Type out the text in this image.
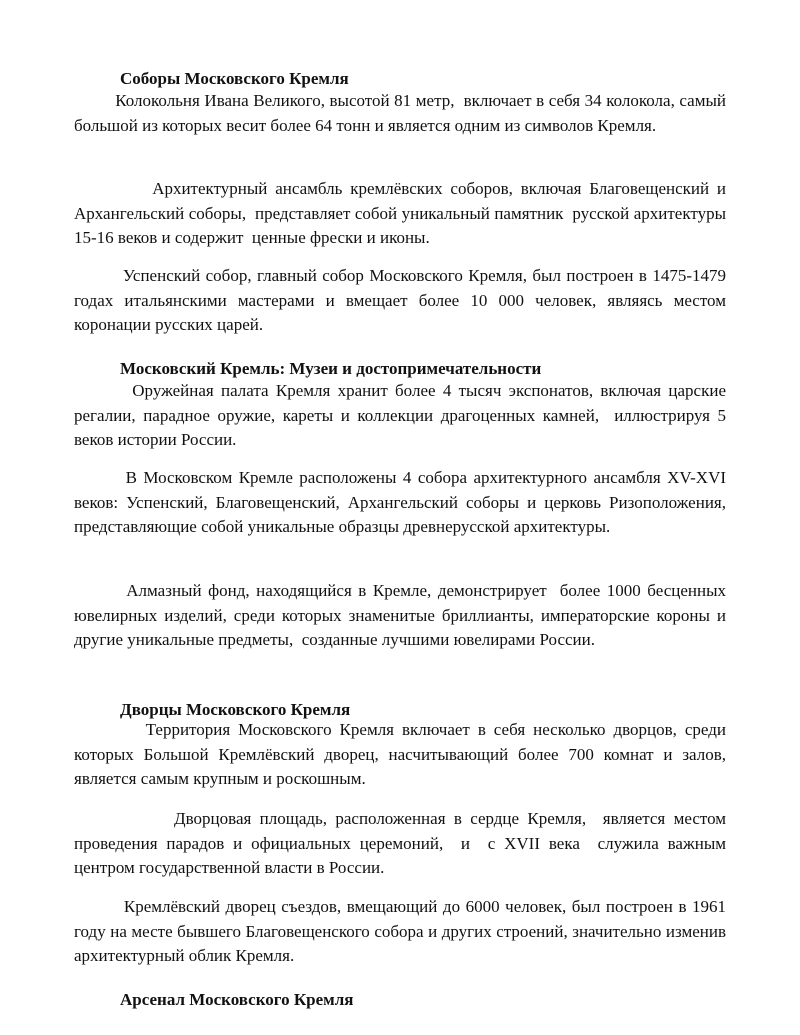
Соборы Московского Кремля

Колокольня Ивана Великого, высотой 81 метр,  включает в себя 34 колокола, самый большой из которых весит более 64 тонн и является одним из символов Кремля.

Архитектурный ансамбль кремлёвских соборов, включая Благовещенский и Архангельский соборы,  представляет собой уникальный памятник  русской архитектуры 15-16 веков и содержит  ценные фрески и иконы.

Успенский собор, главный собор Московского Кремля, был построен в 1475-1479 годах итальянскими мастерами и вмещает более 10 000 человек, являясь местом коронации русских царей.

Московский Кремль: Музеи и достопримечательности

Оружейная палата Кремля хранит более 4 тысяч экспонатов, включая царские регалии, парадное оружие, кареты и коллекции драгоценных камней,  иллюстрируя 5 веков истории России.

В Московском Кремле расположены 4 собора архитектурного ансамбля XV-XVI веков: Успенский, Благовещенский, Архангельский соборы и церковь Ризоположения, представляющие собой уникальные образцы древнерусской архитектуры.

Алмазный фонд, находящийся в Кремле, демонстрирует  более 1000 бесценных ювелирных изделий, среди которых знаменитые бриллианты, императорские короны и другие уникальные предметы,  созданные лучшими ювелирами России.

Дворцы Московского Кремля

Территория Московского Кремля включает в себя несколько дворцов, среди которых Большой Кремлёвский дворец, насчитывающий более 700 комнат и залов, является самым крупным и роскошным.

Дворцовая площадь, расположенная в сердце Кремля,  является местом проведения парадов и официальных церемоний,  и  с XVII века  служила важным центром государственной власти в России.

Кремлёвский дворец съездов, вмещающий до 6000 человек, был построен в 1961 году на месте бывшего Благовещенского собора и других строений, значительно изменив архитектурный облик Кремля.

Арсенал Московского Кремля
